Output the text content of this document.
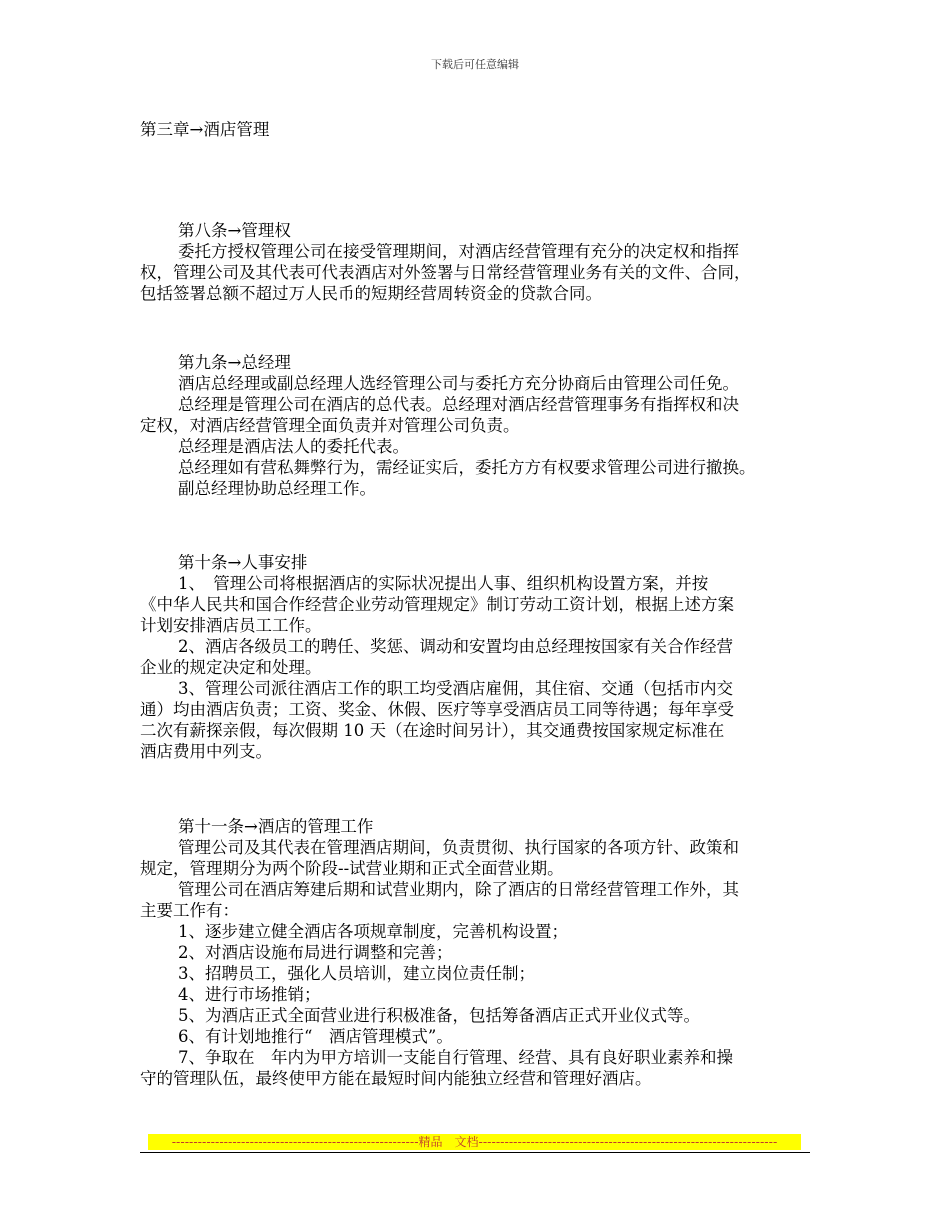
下载后可任意编辑
第三章→酒店管理

第八条→管理权

委托方授权管理公司在接受管理期间，对酒店经营管理有充分的决定权和指挥

权，管理公司及其代表可代表酒店对外签署与日常经营管理业务有关的文件、合同，

包括签署总额不超过万人民币的短期经营周转资金的贷款合同。

第九条→总经理

酒店总经理或副总经理人选经管理公司与委托方充分协商后由管理公司任免。

总经理是管理公司在酒店的总代表。总经理对酒店经营管理事务有指挥权和决

定权，对酒店经营管理全面负责并对管理公司负责。

总经理是酒店法人的委托代表。

总经理如有营私舞弊行为，需经证实后，委托方方有权要求管理公司进行撤换。

副总经理协助总经理工作。

第十条→人事安排

1、　管理公司将根据酒店的实际状况提出人事、组织机构设置方案，并按

《中华人民共和国合作经营企业劳动管理规定》制订劳动工资计划，根据上述方案

计划安排酒店员工工作。

2、酒店各级员工的聘任、奖惩、调动和安置均由总经理按国家有关合作经营

企业的规定决定和处理。

3、管理公司派往酒店工作的职工均受酒店雇佣，其住宿、交通（包括市内交

通）均由酒店负责；工资、奖金、休假、医疗等享受酒店员工同等待遇；每年享受

二次有薪探亲假，每次假期 10 天（在途时间另计），其交通费按国家规定标准在

酒店费用中列支。

第十一条→酒店的管理工作

管理公司及其代表在管理酒店期间，负责贯彻、执行国家的各项方针、政策和

规定，管理期分为两个阶段--试营业期和正式全面营业期。

管理公司在酒店筹建后期和试营业期内，除了酒店的日常经营管理工作外，其

主要工作有：

1、逐步建立健全酒店各项规章制度，完善机构设置；

2、对酒店设施布局进行调整和完善；

3、招聘员工，强化人员培训，建立岗位责任制；

4、进行市场推销；

5、为酒店正式全面营业进行积极准备，包括筹备酒店正式开业仪式等。

6、有计划地推行“　酒店管理模式”。

7、争取在　年内为甲方培训一支能自行管理、经营、具有良好职业素养和操

守的管理队伍，最终使甲方能在最短时间内能独立经营和管理好酒店。

---------------------------------------------------------精品　文档---------------------------------------------------------------------
